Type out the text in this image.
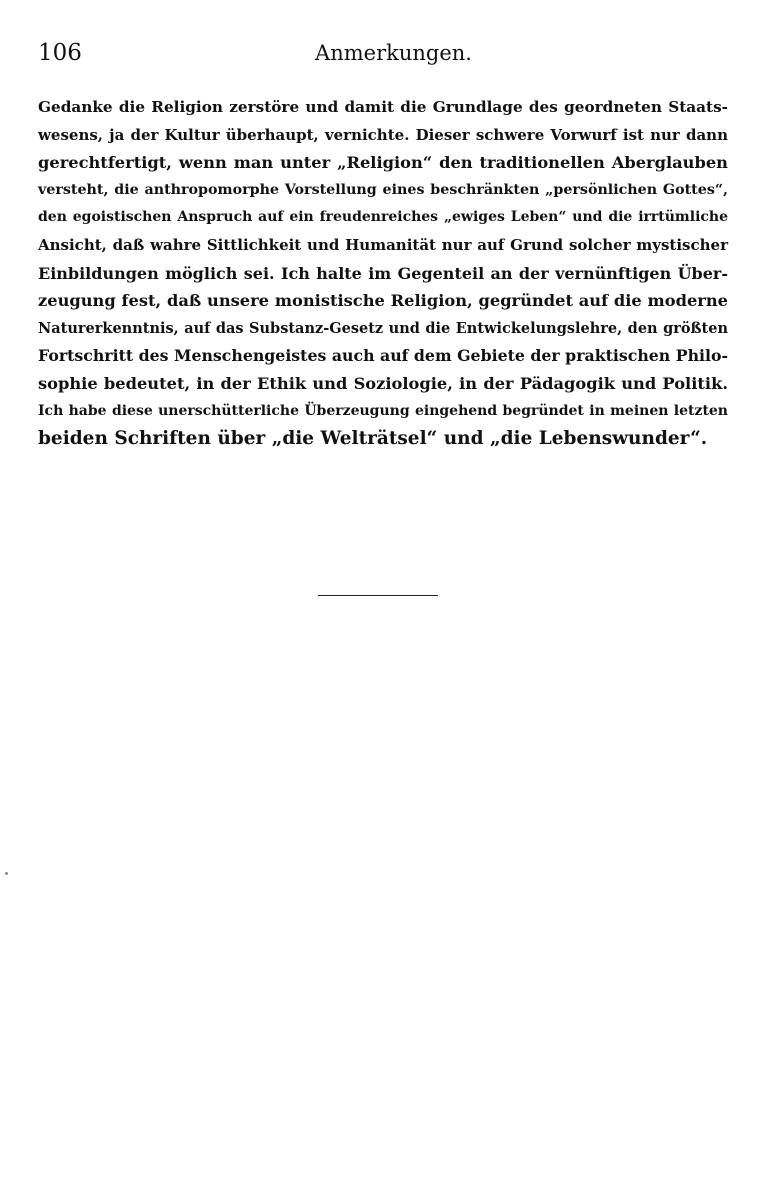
106	Anmerkungen.
Gedanke die Religion zerstöre und damit die Grundlage des geordneten Staats-
wesens, ja der Kultur überhaupt, vernichte. Dieser schwere Vorwurf ist nur dann
gerechtfertigt, wenn man unter „Religion“ den traditionellen Aberglauben
versteht, die anthropomorphe Vorstellung eines beschränkten „persönlichen Gottes“,
den egoistischen Anspruch auf ein freudenreiches „ewiges Leben“ und die irrtümliche
Ansicht, daß wahre Sittlichkeit und Humanität nur auf Grund solcher mystischer
Einbildungen möglich sei. Ich halte im Gegenteil an der vernünftigen Über-
zeugung fest, daß unsere monistische Religion, gegründet auf die moderne
Naturerkenntnis, auf das Substanz-Gesetz und die Entwickelungslehre, den größten
Fortschritt des Menschengeistes auch auf dem Gebiete der praktischen Philo-
sophie bedeutet, in der Ethik und Soziologie, in der Pädagogik und Politik.
Ich habe diese unerschütterliche Überzeugung eingehend begründet in meinen letzten
beiden Schriften über „die Welträtsel“ und „die Lebenswunder“.
